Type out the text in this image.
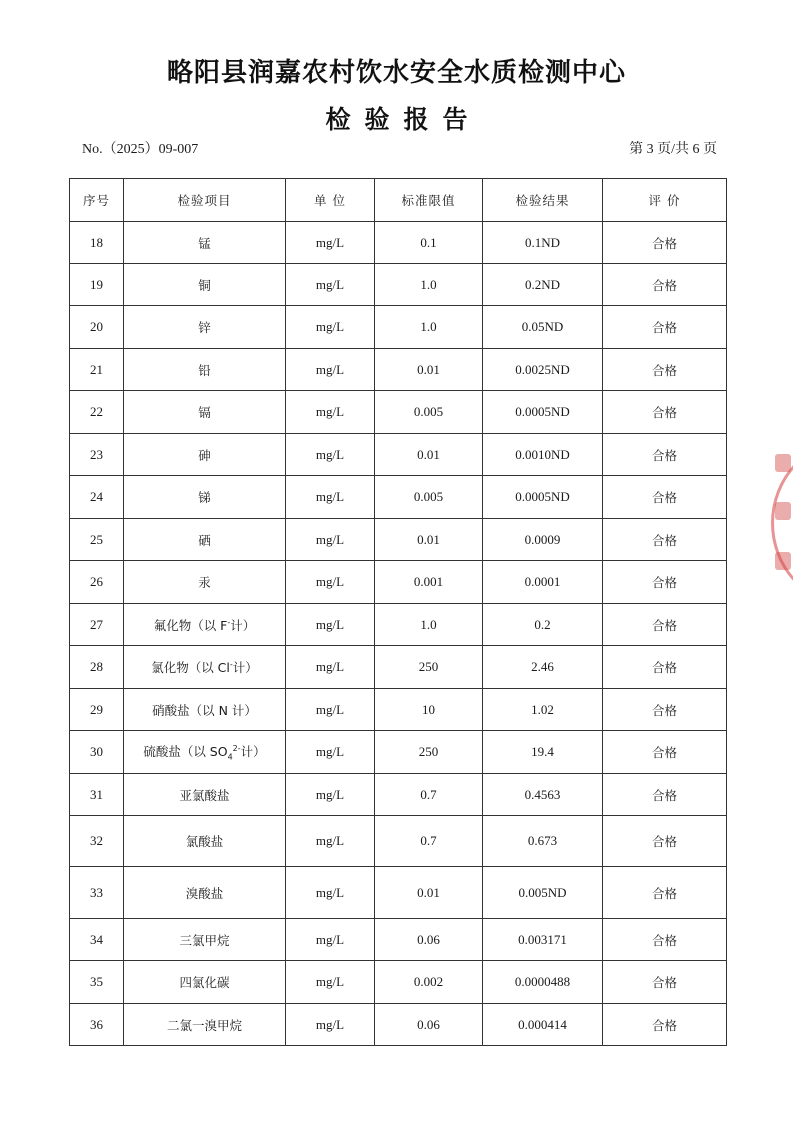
略阳县润嘉农村饮水安全水质检测中心
检验报告
No.（2025）09-007	第 3 页/共 6 页
序号	检验项目	单 位	标准限值	检验结果	评 价
18	锰	mg/L	0.1	0.1ND	合格
19	铜	mg/L	1.0	0.2ND	合格
20	锌	mg/L	1.0	0.05ND	合格
21	铅	mg/L	0.01	0.0025ND	合格
22	镉	mg/L	0.005	0.0005ND	合格
23	砷	mg/L	0.01	0.0010ND	合格
24	锑	mg/L	0.005	0.0005ND	合格
25	硒	mg/L	0.01	0.0009	合格
26	汞	mg/L	0.001	0.0001	合格
27	氟化物（以 F-计）	mg/L	1.0	0.2	合格
28	氯化物（以 Cl-计）	mg/L	250	2.46	合格
29	硝酸盐（以 N 计）	mg/L	10	1.02	合格
30	硫酸盐（以 $SO_4^{2-}$计）	mg/L	250	19.4	合格
31	亚氯酸盐	mg/L	0.7	0.4563	合格
32	氯酸盐	mg/L	0.7	0.673	合格
33	溴酸盐	mg/L	0.01	0.005ND	合格
34	三氯甲烷	mg/L	0.06	0.003171	合格
35	四氯化碳	mg/L	0.002	0.0000488	合格
36	二氯一溴甲烷	mg/L	0.06	0.000414	合格
